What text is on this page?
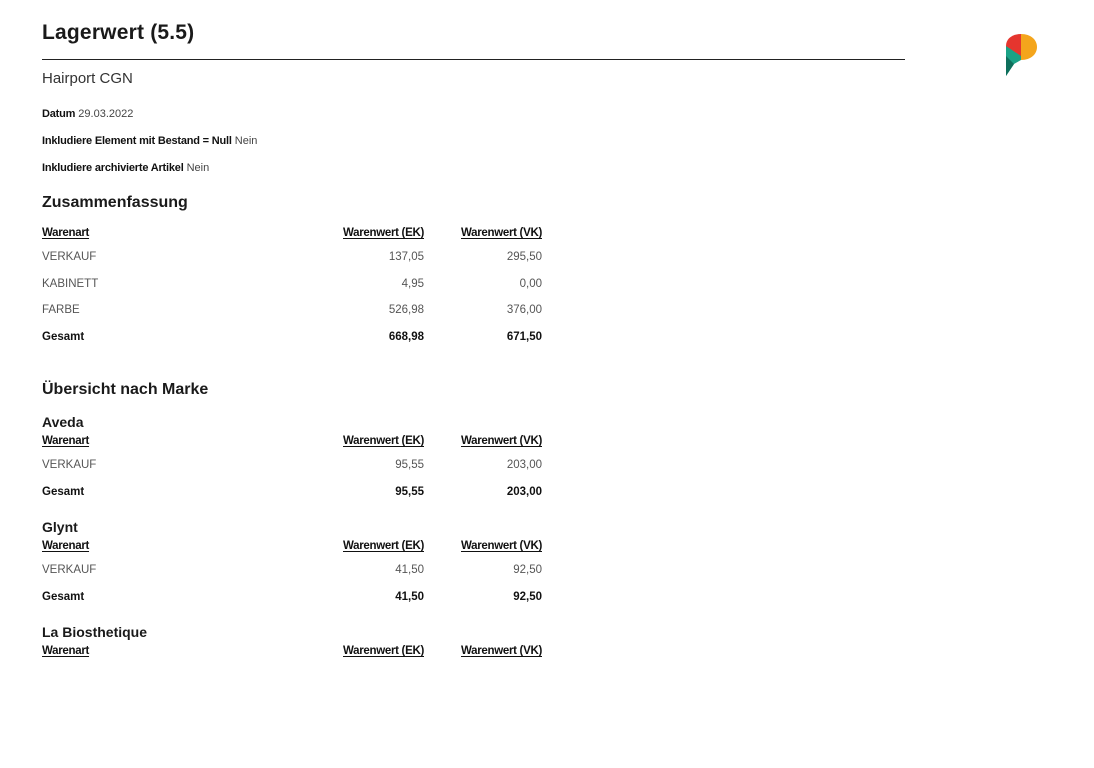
Lagerwert (5.5)
Hairport CGN
Datum 29.03.2022
Inkludiere Element mit Bestand = Null Nein
Inkludiere archivierte Artikel Nein
Zusammenfassung
Warenart	Warenwert (EK)	Warenwert (VK)
VERKAUF	137,05	295,50
KABINETT	4,95	0,00
FARBE	526,98	376,00
Gesamt	668,98	671,50
Übersicht nach Marke
Aveda
Warenart	Warenwert (EK)	Warenwert (VK)
VERKAUF	95,55	203,00
Gesamt	95,55	203,00
Glynt
Warenart	Warenwert (EK)	Warenwert (VK)
VERKAUF	41,50	92,50
Gesamt	41,50	92,50
La Biosthetique
Warenart	Warenwert (EK)	Warenwert (VK)
